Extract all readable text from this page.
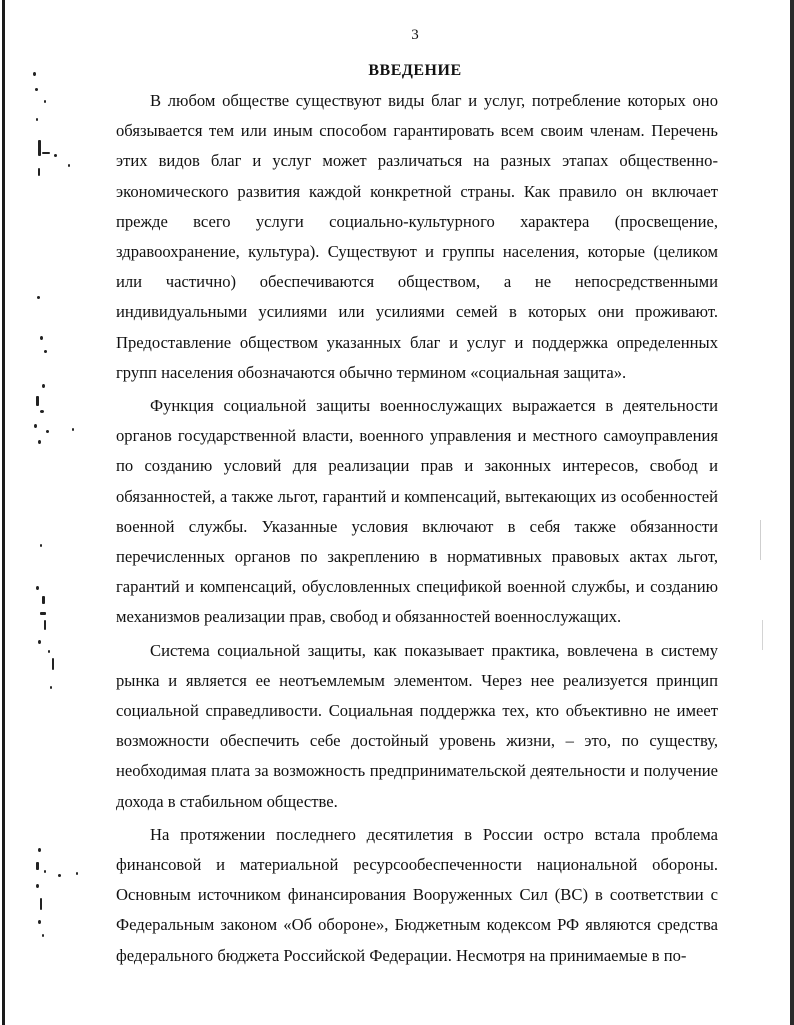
3
ВВЕДЕНИЕ

В любом обществе существуют виды благ и услуг, потребление которых оно обязывается тем или иным способом гарантировать всем своим членам. Перечень этих видов благ и услуг может различаться на разных этапах общественно-экономического развития каждой конкретной страны. Как правило он включает прежде всего услуги социально-культурного характера (просвещение, здравоохранение, культура). Существуют и группы населения, которые (целиком или частично) обеспечиваются обществом, а не непосредственными индивидуальными усилиями или усилиями семей в которых они проживают. Предоставление обществом указанных благ и услуг и поддержка определенных групп населения обозначаются обычно термином «социальная защита».

Функция социальной защиты военнослужащих выражается в деятельности органов государственной власти, военного управления и местного самоуправления по созданию условий для реализации прав и законных интересов, свобод и обязанностей, а также льгот, гарантий и компенсаций, вытекающих из особенностей военной службы. Указанные условия включают в себя также обязанности перечисленных органов по закреплению в нормативных правовых актах льгот, гарантий и компенсаций, обусловленных спецификой военной службы, и созданию механизмов реализации прав, свобод и обязанностей военнослужащих.

Система социальной защиты, как показывает практика, вовлечена в систему рынка и является ее неотъемлемым элементом. Через нее реализуется принцип социальной справедливости. Социальная поддержка тех, кто объективно не имеет возможности обеспечить себе достойный уровень жизни, – это, по существу, необходимая плата за возможность предпринимательской деятельности и получение дохода в стабильном обществе.

На протяжении последнего десятилетия в России остро встала проблема финансовой и материальной ресурсообеспеченности национальной обороны. Основным источником финансирования Вооруженных Сил (ВС) в соответствии с Федеральным законом «Об обороне», Бюджетным кодексом РФ являются средства федерального бюджета Российской Федерации. Несмотря на принимаемые в по-
